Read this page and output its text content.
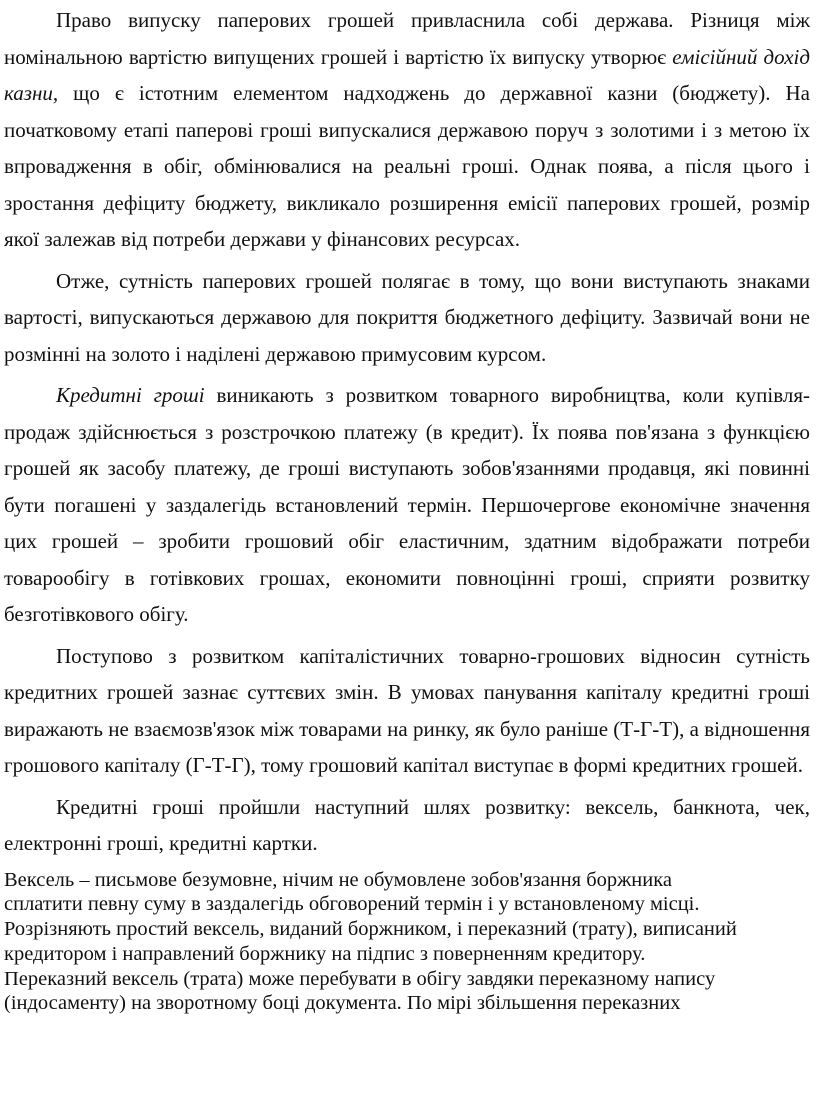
Право випуску паперових грошей привласнила собі держава. Різниця між номінальною вартістю випущених грошей і вартістю їх випуску утворює емісійний дохід казни, що є істотним елементом надходжень до державної казни (бюджету). На початковому етапі паперові гроші випускалися державою поруч з золотими і з метою їх впровадження в обіг, обмінювалися на реальні гроші. Однак поява, а після цього і зростання дефіциту бюджету, викликало розширення емісії паперових грошей, розмір якої залежав від потреби держави у фінансових ресурсах.

Отже, сутність паперових грошей полягає в тому, що вони виступають знаками вартості, випускаються державою для покриття бюджетного дефіциту. Зазвичай вони не розмінні на золото і наділені державою примусовим курсом.

Кредитні гроші виникають з розвитком товарного виробництва, коли купівля-продаж здійснюється з розстрочкою платежу (в кредит). Їх поява пов'язана з функцією грошей як засобу платежу, де гроші виступають зобов'язаннями продавця, які повинні бути погашені у заздалегідь встановлений термін. Першочергове економічне значення цих грошей – зробити грошовий обіг еластичним, здатним відображати потреби товарообігу в готівкових грошах, економити повноцінні гроші, сприяти розвитку безготівкового обігу.

Поступово з розвитком капіталістичних товарно-грошових відносин сутність кредитних грошей зазнає суттєвих змін. В умовах панування капіталу кредитні гроші виражають не взаємозв'язок між товарами на ринку, як було раніше (Т-Г-Т), а відношення грошового капіталу (Г-Т-Г), тому грошовий капітал виступає в формі кредитних грошей.

Кредитні гроші пройшли наступний шлях розвитку: вексель, банкнота, чек, електронні гроші, кредитні картки.

Вексель – письмове безумовне, нічим не обумовлене зобов'язання боржника
сплатити певну суму в заздалегідь обговорений термін і у встановленому місці.
Розрізняють простий вексель, виданий боржником, і переказний (трату), виписаний
кредитором і направлений боржнику на підпис з поверненням кредитору.
Переказний вексель (трата) може перебувати в обігу завдяки переказному напису
(індосаменту) на зворотному боці документа. По мірі збільшення переказних
